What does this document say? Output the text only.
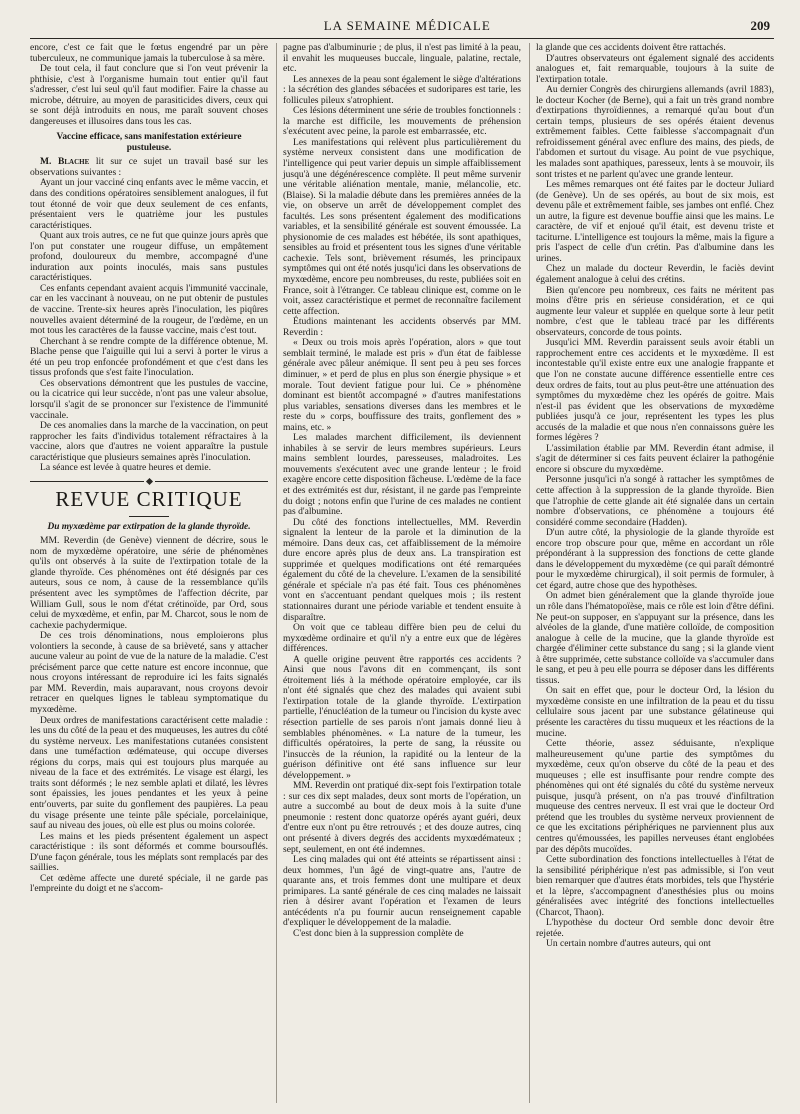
LA SEMAINE MÉDICALE	209

encore, c'est ce fait que le fœtus engendré par un père tuberculeux, ne communique jamais la tuberculose à sa mère.

De tout cela, il faut conclure que si l'on veut prévenir la phthisie, c'est à l'organisme humain tout entier qu'il faut s'adresser, c'est lui seul qu'il faut modifier. Faire la chasse au microbe, détruire, au moyen de parasiticides divers, ceux qui se sont déjà introduits en nous, me paraît souvent choses dangereuses et illusoires dans tous les cas.

Vaccine efficace, sans manifestation extérieure pustuleuse.

M. Blache lit sur ce sujet un travail basé sur les observations suivantes :

Ayant un jour vacciné cinq enfants avec le même vaccin, et dans des conditions opératoires sensiblement analogues, il fut tout étonné de voir que deux seulement de ces enfants, présentaient vers le quatrième jour les pustules caractéristiques.

Quant aux trois autres, ce ne fut que quinze jours après que l'on put constater une rougeur diffuse, un empâtement profond, douloureux du membre, accompagné d'une induration aux points inoculés, mais sans pustules caractéristiques.

Ces enfants cependant avaient acquis l'immunité vaccinale, car en les vaccinant à nouveau, on ne put obtenir de pustules de vaccine. Trente-six heures après l'inoculation, les piqûres nouvelles avaient déterminé de la rougeur, de l'œdème, en un mot tous les caractères de la fausse vaccine, mais c'est tout.

Cherchant à se rendre compte de la différence obtenue, M. Blache pense que l'aiguille qui lui a servi à porter le virus a été un peu trop enfoncée profondément et que c'est dans les tissus profonds que s'est faite l'inoculation.

Ces observations démontrent que les pustules de vaccine, ou la cicatrice qui leur succède, n'ont pas une valeur absolue, lorsqu'il s'agit de se prononcer sur l'existence de l'immunité vaccinale.

De ces anomalies dans la marche de la vaccination, on peut rapprocher les faits d'individus totalement réfractaires à la vaccine, alors que d'autres ne voient apparaître la pustule caractéristique que plusieurs semaines après l'inoculation.

La séance est levée à quatre heures et demie.

REVUE CRITIQUE
Du myxœdème par extirpation de la glande thyroïde.

MM. Reverdin (de Genève) viennent de décrire, sous le nom de myxœdème opératoire, une série de phénomènes qu'ils ont observés à la suite de l'extirpation totale de la glande thyroïde. Ces phénomènes ont été désignés par ces auteurs, sous ce nom, à cause de la ressemblance qu'ils présentent avec les symptômes de l'affection décrite, par William Gull, sous le nom d'état crétinoïde, par Ord, sous celui de myxœdème, et enfin, par M. Charcot, sous le nom de cachexie pachydermique.

De ces trois dénominations, nous emploierons plus volontiers la seconde, à cause de sa brièveté, sans y attacher aucune valeur au point de vue de la nature de la maladie. C'est précisément parce que cette nature est encore inconnue, que nous croyons intéressant de reproduire ici les faits signalés par MM. Reverdin, mais auparavant, nous croyons devoir retracer en quelques lignes le tableau symptomatique du myxœdème.

Deux ordres de manifestations caractérisent cette maladie : les uns du côté de la peau et des muqueuses, les autres du côté du système nerveux. Les manifestations cutanées consistent dans une tuméfaction œdémateuse, qui occupe diverses régions du corps, mais qui est toujours plus marquée au niveau de la face et des extrémités. Le visage est élargi, les traits sont déformés ; le nez semble aplati et dilaté, les lèvres sont épaissies, les joues pendantes et les yeux à peine entr'ouverts, par suite du gonflement des paupières. La peau du visage présente une teinte pâle spéciale, porcelainique, sauf au niveau des joues, où elle est plus ou moins colorée.

Les mains et les pieds présentent également un aspect caractéristique : ils sont déformés et comme boursouflés. D'une façon générale, tous les méplats sont remplacés par des saillies.

Cet œdème affecte une dureté spéciale, il ne garde pas l'empreinte du doigt et ne s'accom-

pagne pas d'albuminurie ; de plus, il n'est pas limité à la peau, il envahit les muqueuses buccale, linguale, palatine, rectale, etc.

Les annexes de la peau sont également le siège d'altérations : la sécrétion des glandes sébacées et sudoripares est tarie, les follicules pileux s'atrophient.

Ces lésions déterminent une série de troubles fonctionnels : la marche est difficile, les mouvements de préhension s'exécutent avec peine, la parole est embarrassée, etc.

Les manifestations qui relèvent plus particulièrement du système nerveux consistent dans une modification de l'intelligence qui peut varier depuis un simple affaiblissement jusqu'à une dégénérescence complète. Il peut même survenir une véritable aliénation mentale, manie, mélancolie, etc. (Blaise). Si la maladie débute dans les premières années de la vie, on observe un arrêt de développement complet des facultés. Les sons présentent également des modifications variables, et la sensibilité générale est souvent émoussée. La physionomie de ces malades est hébétée, ils sont apathiques, sensibles au froid et présentent tous les signes d'une véritable cachexie. Tels sont, brièvement résumés, les principaux symptômes qui ont été notés jusqu'ici dans les observations de myxœdème, encore peu nombreuses, du reste, publiées soit en France, soit à l'étranger. Ce tableau clinique est, comme on le voit, assez caractéristique et permet de reconnaître facilement cette affection.

Étudions maintenant les accidents observés par MM. Reverdin :

« Deux ou trois mois après l'opération, alors » que tout semblait terminé, le malade est pris » d'un état de faiblesse générale avec pâleur anémique. Il sent peu à peu ses forces diminuer, » et perd de plus en plus son énergie physique » et morale. Tout devient fatigue pour lui. Ce » phénomène dominant est bientôt accompagné » d'autres manifestations plus variables, sensations diverses dans les membres et le reste du » corps, bouffissure des traits, gonflement des » mains, etc. »

Les malades marchent difficilement, ils deviennent inhabiles à se servir de leurs membres supérieurs. Leurs mains semblent lourdes, paresseuses, maladroites. Les mouvements s'exécutent avec une grande lenteur ; le froid exagère encore cette disposition fâcheuse. L'œdème de la face et des extrémités est dur, résistant, il ne garde pas l'empreinte du doigt ; notons enfin que l'urine de ces malades ne contient pas d'albumine.

Du côté des fonctions intellectuelles, MM. Reverdin signalent la lenteur de la parole et la diminution de la mémoire. Dans deux cas, cet affaiblissement de la mémoire dure encore après plus de deux ans. La transpiration est supprimée et quelques modifications ont été remarquées également du côté de la chevelure. L'examen de la sensibilité générale et spéciale n'a pas été fait. Tous ces phénomènes vont en s'accentuant pendant quelques mois ; ils restent stationnaires durant une période variable et tendent ensuite à disparaître.

On voit que ce tableau diffère bien peu de celui du myxœdème ordinaire et qu'il n'y a entre eux que de légères différences.

A quelle origine peuvent être rapportés ces accidents ? Ainsi que nous l'avons dit en commençant, ils sont étroitement liés à la méthode opératoire employée, car ils n'ont été signalés que chez des malades qui avaient subi l'extirpation totale de la glande thyroïde. L'extirpation partielle, l'énucléation de la tumeur ou l'incision du kyste avec résection partielle de ses parois n'ont jamais donné lieu à semblables phénomènes. « La nature de la tumeur, les difficultés opératoires, la perte de sang, la réussite ou l'insuccès de la réunion, la rapidité ou la lenteur de la guérison définitive ont été sans influence sur leur développement. »

MM. Reverdin ont pratiqué dix-sept fois l'extirpation totale : sur ces dix sept malades, deux sont morts de l'opération, un autre a succombé au bout de deux mois à la suite d'une pneumonie : restent donc quatorze opérés ayant guéri, deux d'entre eux n'ont pu être retrouvés ; et des douze autres, cinq ont présenté à divers degrés des accidents myxœdémateux ; sept, seulement, en ont été indemnes.

Les cinq malades qui ont été atteints se répartissent ainsi : deux hommes, l'un âgé de vingt-quatre ans, l'autre de quarante ans, et trois femmes dont une multipare et deux primipares. La santé générale de ces cinq malades ne laissait rien à désirer avant l'opération et l'examen de leurs antécédents n'a pu fournir aucun renseignement capable d'expliquer le développement de la maladie.

C'est donc bien à la suppression complète de

la glande que ces accidents doivent être rattachés.

D'autres observateurs ont également signalé des accidents analogues et, fait remarquable, toujours à la suite de l'extirpation totale.

Au dernier Congrès des chirurgiens allemands (avril 1883), le docteur Kocher (de Berne), qui a fait un très grand nombre d'extirpations thyroïdiennes, a remarqué qu'au bout d'un certain temps, plusieurs de ses opérés étaient devenus extrêmement faibles. Cette faiblesse s'accompagnait d'un refroidissement général avec enflure des mains, des pieds, de l'abdomen et surtout du visage. Au point de vue psychique, les malades sont apathiques, paresseux, lents à se mouvoir, ils sont tristes et ne parlent qu'avec une grande lenteur.

Les mêmes remarques ont été faites par le docteur Juliard (de Genève). Un de ses opérés, au bout de six mois, est devenu pâle et extrêmement faible, ses jambes ont enflé. Chez un autre, la figure est devenue bouffie ainsi que les mains. Le caractère, de vif et enjoué qu'il était, est devenu triste et taciturne. L'intelligence est toujours la même, mais la figure a pris l'aspect de celle d'un crétin. Pas d'albumine dans les urines.

Chez un malade du docteur Reverdin, le faciès devint également analogue à celui des crétins.

Bien qu'encore peu nombreux, ces faits ne méritent pas moins d'être pris en sérieuse considération, et ce qui augmente leur valeur et supplée en quelque sorte à leur petit nombre, c'est que le tableau tracé par les différents observateurs, concorde de tous points.

Jusqu'ici MM. Reverdin paraissent seuls avoir établi un rapprochement entre ces accidents et le myxœdème. Il est incontestable qu'il existe entre eux une analogie frappante et que l'on ne constate aucune différence essentielle entre ces deux ordres de faits, tout au plus peut-être une atténuation des symptômes du myxœdème chez les opérés de goitre. Mais n'est-il pas évident que les observations de myxœdème publiées jusqu'à ce jour, représentent les types les plus accusés de la maladie et que nous n'en connaissons guère les formes légères ?

L'assimilation établie par MM. Reverdin étant admise, il s'agit de déterminer si ces faits peuvent éclairer la pathogénie encore si obscure du myxœdème.

Personne jusqu'ici n'a songé à rattacher les symptômes de cette affection à la suppression de la glande thyroïde. Bien que l'atrophie de cette glande ait été signalée dans un certain nombre d'observations, ce phénomène a toujours été considéré comme secondaire (Hadden).

D'un autre côté, la physiologie de la glande thyroïde est encore trop obscure pour que, même en accordant un rôle prépondérant à la suppression des fonctions de cette glande dans le développement du myxœdème (ce qui paraît démontré pour le myxœdème chirurgical), il soit permis de formuler, à cet égard, autre chose que des hypothèses.

On admet bien généralement que la glande thyroïde joue un rôle dans l'hématopoïèse, mais ce rôle est loin d'être défini. Ne peut-on supposer, en s'appuyant sur la présence, dans les alvéoles de la glande, d'une matière colloïde, de composition analogue à celle de la mucine, que la glande thyroïde est chargée d'éliminer cette substance du sang ; si la glande vient à être supprimée, cette substance colloïde va s'accumuler dans le sang, et peu à peu elle pourra se déposer dans les différents tissus.

On sait en effet que, pour le docteur Ord, la lésion du myxœdème consiste en une infiltration de la peau et du tissu cellulaire sous jacent par une substance gélatineuse qui présente les caractères du tissu muqueux et les réactions de la mucine.

Cette théorie, assez séduisante, n'explique malheureusement qu'une partie des symptômes du myxœdème, ceux qu'on observe du côté de la peau et des muqueuses ; elle est insuffisante pour rendre compte des phénomènes qui ont été signalés du côté du système nerveux puisque, jusqu'à présent, on n'a pas trouvé d'infiltration muqueuse des centres nerveux. Il est vrai que le docteur Ord prétend que les troubles du système nerveux proviennent de ce que les excitations périphériques ne parviennent plus aux centres qu'émoussées, les papilles nerveuses étant englobées par des dépôts mucoïdes.

Cette subordination des fonctions intellectuelles à l'état de la sensibilité périphérique n'est pas admissible, si l'on veut bien remarquer que d'autres états morbides, tels que l'hystérie et la lèpre, s'accompagnent d'anesthésies plus ou moins généralisées avec intégrité des fonctions intellectuelles (Charcot, Thaon).

L'hypothèse du docteur Ord semble donc devoir être rejetée.

Un certain nombre d'autres auteurs, qui ont
